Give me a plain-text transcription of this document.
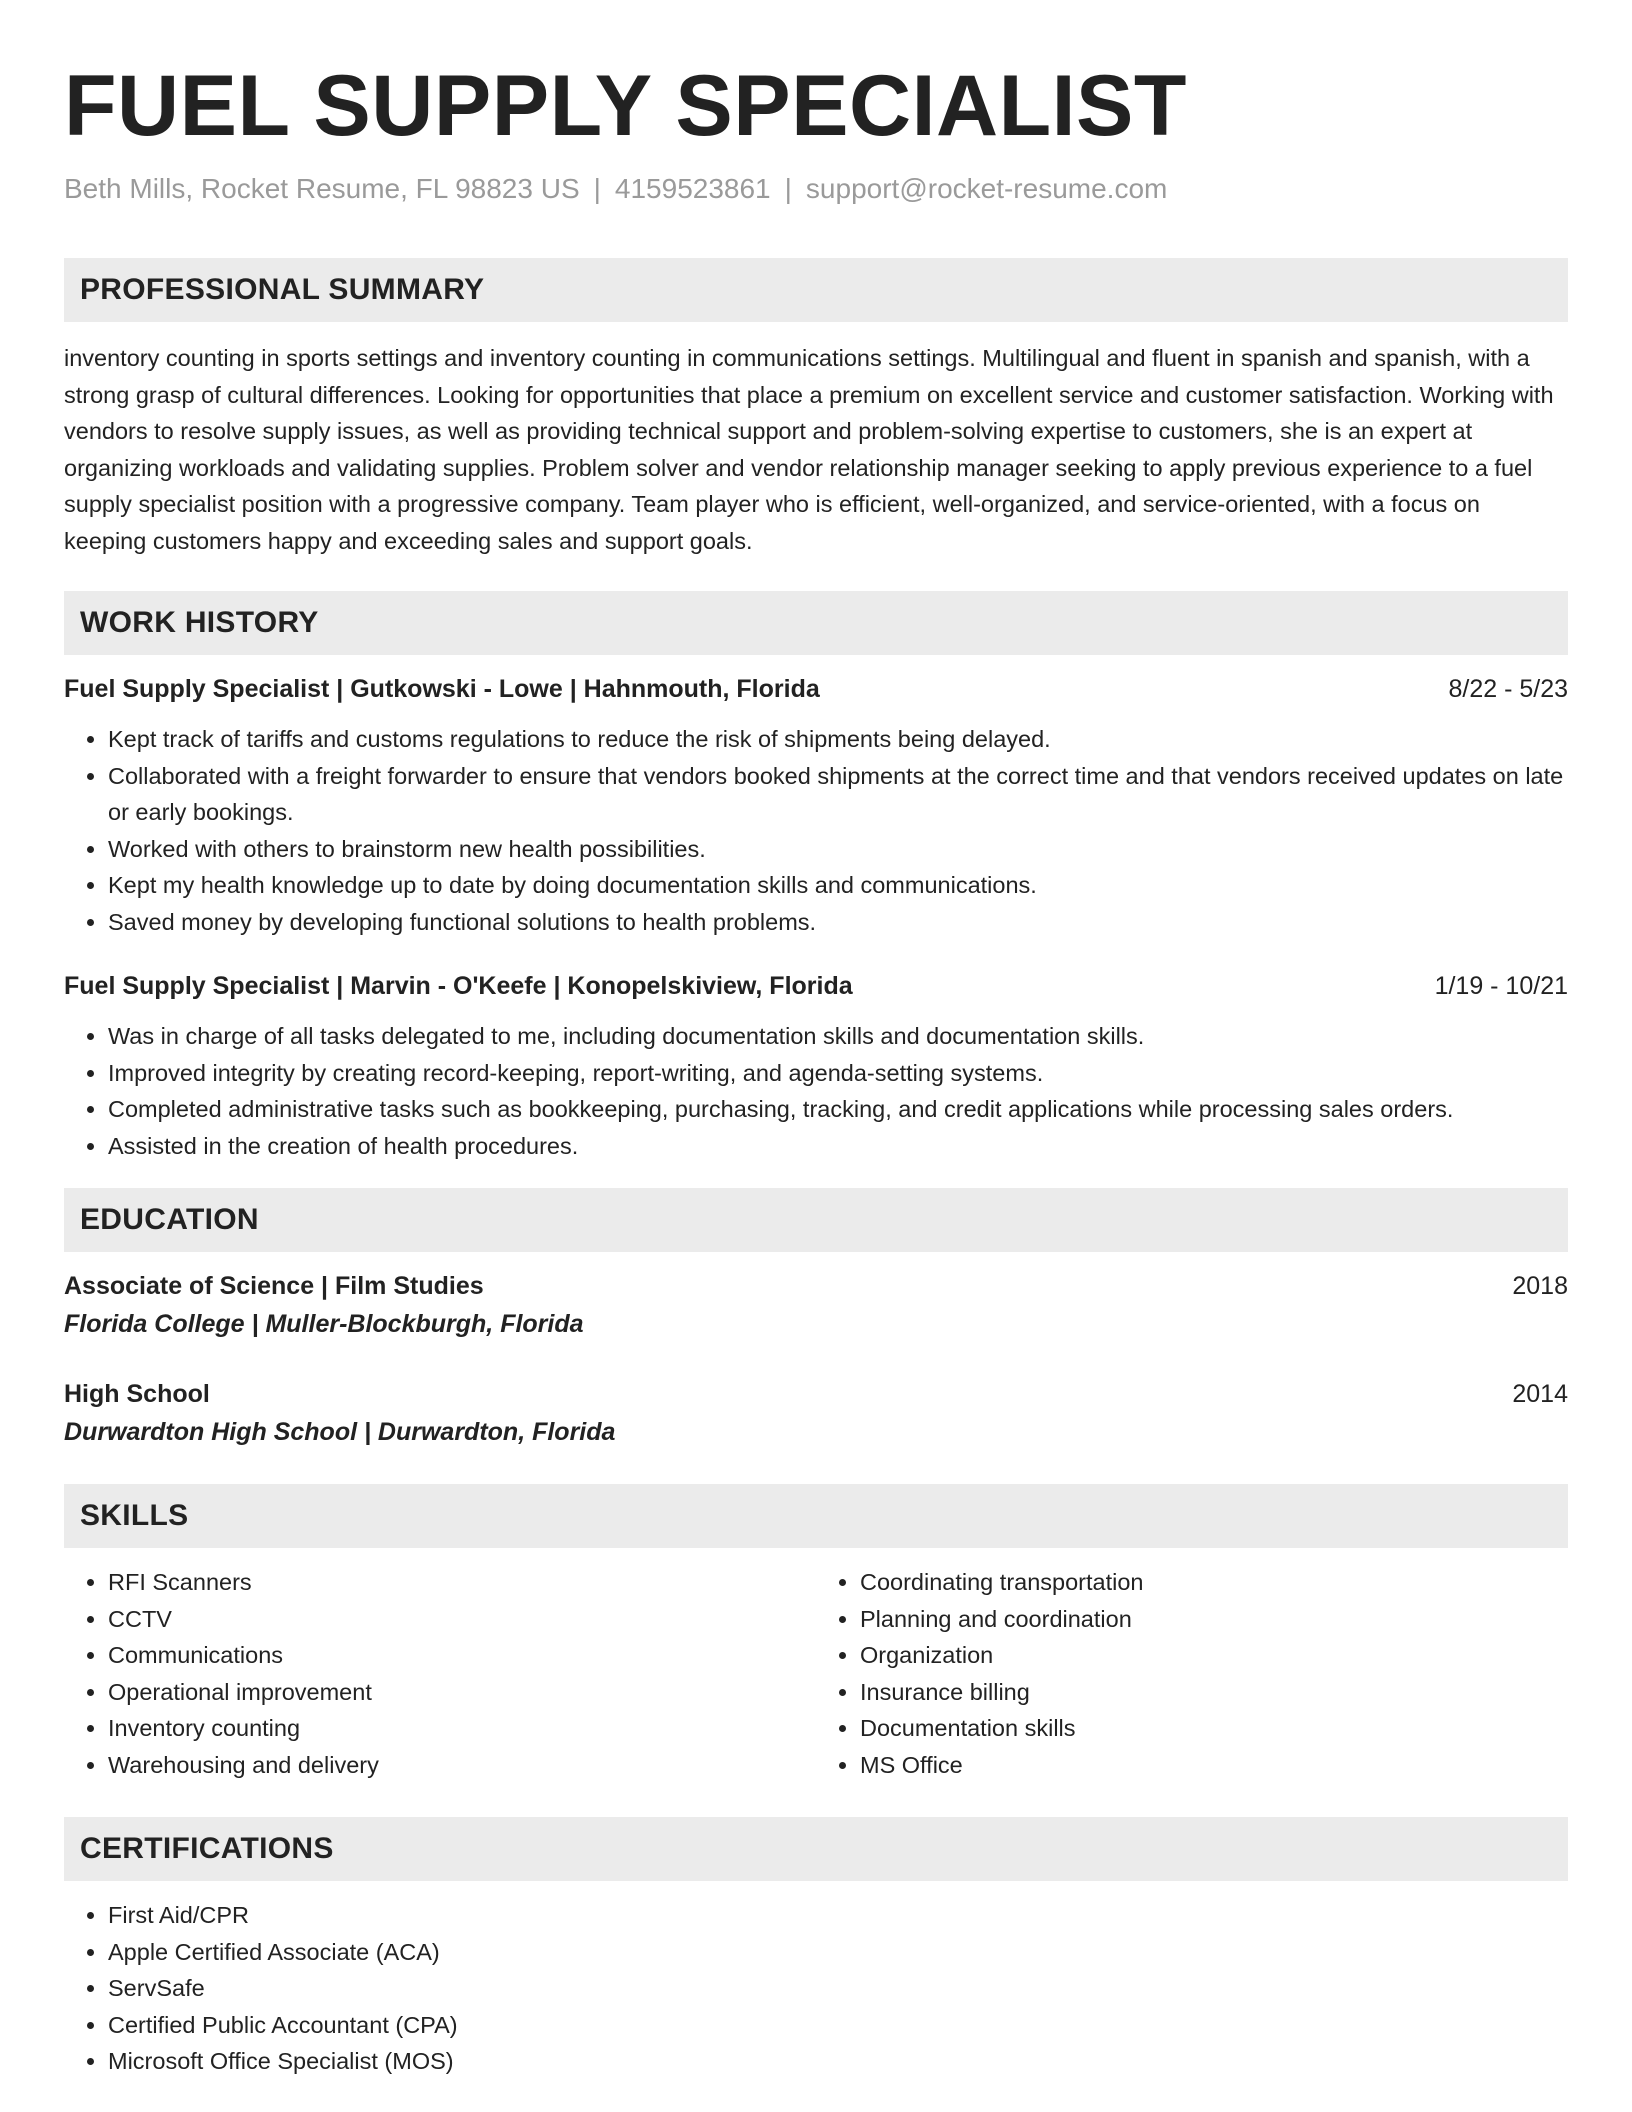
FUEL SUPPLY SPECIALIST
Beth Mills, Rocket Resume, FL 98823 US | 4159523861 | support@rocket-resume.com
PROFESSIONAL SUMMARY

inventory counting in sports settings and inventory counting in communications settings. Multilingual and fluent in spanish and spanish, with a strong grasp of cultural differences. Looking for opportunities that place a premium on excellent service and customer satisfaction. Working with vendors to resolve supply issues, as well as providing technical support and problem-solving expertise to customers, she is an expert at organizing workloads and validating supplies. Problem solver and vendor relationship manager seeking to apply previous experience to a fuel supply specialist position with a progressive company. Team player who is efficient, well-organized, and service-oriented, with a focus on keeping customers happy and exceeding sales and support goals.

WORK HISTORY
Fuel Supply Specialist | Gutkowski - Lowe | Hahnmouth, Florida	8/22 - 5/23
• Kept track of tariffs and customs regulations to reduce the risk of shipments being delayed.
• Collaborated with a freight forwarder to ensure that vendors booked shipments at the correct time and that vendors received updates on late or early bookings.
• Worked with others to brainstorm new health possibilities.
• Kept my health knowledge up to date by doing documentation skills and communications.
• Saved money by developing functional solutions to health problems.
Fuel Supply Specialist | Marvin - O'Keefe | Konopelskiview, Florida	1/19 - 10/21
• Was in charge of all tasks delegated to me, including documentation skills and documentation skills.
• Improved integrity by creating record-keeping, report-writing, and agenda-setting systems.
• Completed administrative tasks such as bookkeeping, purchasing, tracking, and credit applications while processing sales orders.
• Assisted in the creation of health procedures.
EDUCATION
Associate of Science | Film Studies	2018
Florida College | Muller-Blockburgh, Florida
High School	2014
Durwardton High School | Durwardton, Florida
SKILLS
• RFI Scanners
• CCTV
• Communications
• Operational improvement
• Inventory counting
• Warehousing and delivery
• Coordinating transportation
• Planning and coordination
• Organization
• Insurance billing
• Documentation skills
• MS Office
CERTIFICATIONS
• First Aid/CPR
• Apple Certified Associate (ACA)
• ServSafe
• Certified Public Accountant (CPA)
• Microsoft Office Specialist (MOS)
